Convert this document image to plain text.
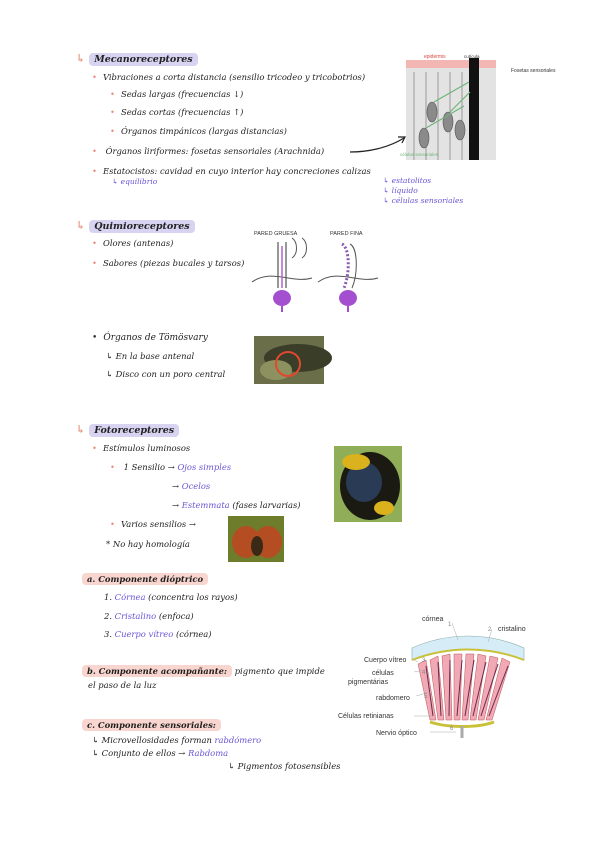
↳ Mecanoreceptores
• Vibraciones a corta distancia (sensilio tricodeo y tricobotrios)
• Sedas largas (frecuencias ↓)
• Sedas cortas (frecuencias ↑)
• Órganos timpánicos (largas distancias)
• Órganos liriformes: fosetas sensoriales (Arachnida)
• Estatocistos: cavidad en cuyo interior hay concreciones calizas
↳ equilibrio	↳ estatolitos
↳ líquido
↳ células sensoriales
epidermis	cutícula
Fosetas sensoriales
células sensoriales
↳ Quimioreceptores
• Olores (antenas)
• Sabores (piezas bucales y tarsos)
PARED GRUESA	PARED FINA
• Órganos de Tömösvary
↳ En la base antenal
↳ Disco con un poro central
↳ Fotoreceptores
• Estímulos luminosos
• 1 Sensilio → Ojos simples
→ Ocelos
→ Estemmata (fases larvarias)
• Varios sensilios →
* No hay homología
a. Componente dióptrico
1. Córnea (concentra los rayos)
2. Cristalino (enfoca)
3. Cuerpo vítreo (córnea)
b. Componente acompañante: pigmento que impide
el paso de la luz
c. Componente sensoriales:
↳ Microvellosidades forman rabdómero
↳ Conjunto de ellos → Rabdoma
↳ Pigmentos fotosensibles
córnea
cristalino
Cuerpo vítreo
células
pigmentárias
rabdomero
Células retinianas
Nervio óptico
1
2
3
4
5
6
